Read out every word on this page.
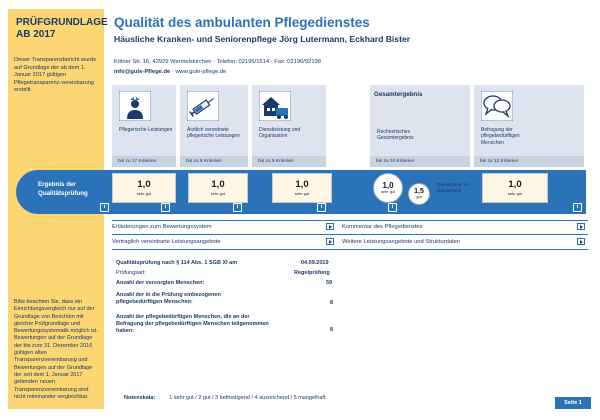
PRÜFGRUNDLAGE
AB 2017
Dieser Transparenzbericht wurde auf Grundlage der ab dem 1. Januar 2017 gültigen Pflegetransparenz-vereinbarung erstellt.
Bitte beachten Sie, dass ein Einrichtungsvergleich nur auf der Grundlage von Berichten mit gleicher Prüfgrundlage und Bewertungssystematik möglich ist. Bewertungen auf der Grundlage der bis zum 31. Dezember 2016 gültigen alten Transparenzvereinbarung und Bewertungen auf der Grundlage der seit dem 1. Januar 2017 geltenden neuen Transparenzvereinbarung sind nicht miteinander vergleichbar.
Qualität des ambulanten Pflegedienstes
Häusliche Kranken- und Seniorenpflege Jörg Lutermann, Eckhard Bister
Kölner Str. 16, 42929 Wermelskirchen · Telefon: 02196/1514 · Fax: 02196/92198
info@gute-Pflege.de · www.gute-pflege.de
Pflegerische Leistungen
bis zu 17 Kriterien
Ärztlich verordnete pflegerische Leistungen
bis zu 8 Kriterien
Dienstleistung und Organisation
bis zu 9 Kriterien
Gesamtergebnis
Rechnerisches Gesamtergebnis
bis zu 34 Kriterien
Befragung der pflegebedürftigen Menschen
bis zu 12 Kriterien
Ergebnis der Qualitätsprüfung
i
1,0
sehr gut
i
1,0
sehr gut
i
1,0
sehr gut
i
1,0
sehr gut	1,5
gut
Durchschnitt im Bundesland
i
1,0
sehr gut
i
Erläuterungen zum Bewertungssystem	Kommentar des Pflegedienstes
Vertraglich vereinbarte Leistungsangebote	Weitere Leistungsangebote und Strukturdaten
Qualitätsprüfung nach § 114 Abs. 1 SGB XI am	04.09.2019
Prüfungsart:	Regelprüfung
Anzahl der versorgten Menschen:	59
Anzahl der in die Prüfung einbezogenen pflegebedürftigen Menschen:	8
Anzahl der pflegebedürftigen Menschen, die an der Befragung der pflegebedürftigen Menschen teilgenommen haben:	8
Notenskala:	1 sehr gut / 2 gut / 3 befriedigend / 4 ausreichend / 5 mangelhaft
Seite 1
